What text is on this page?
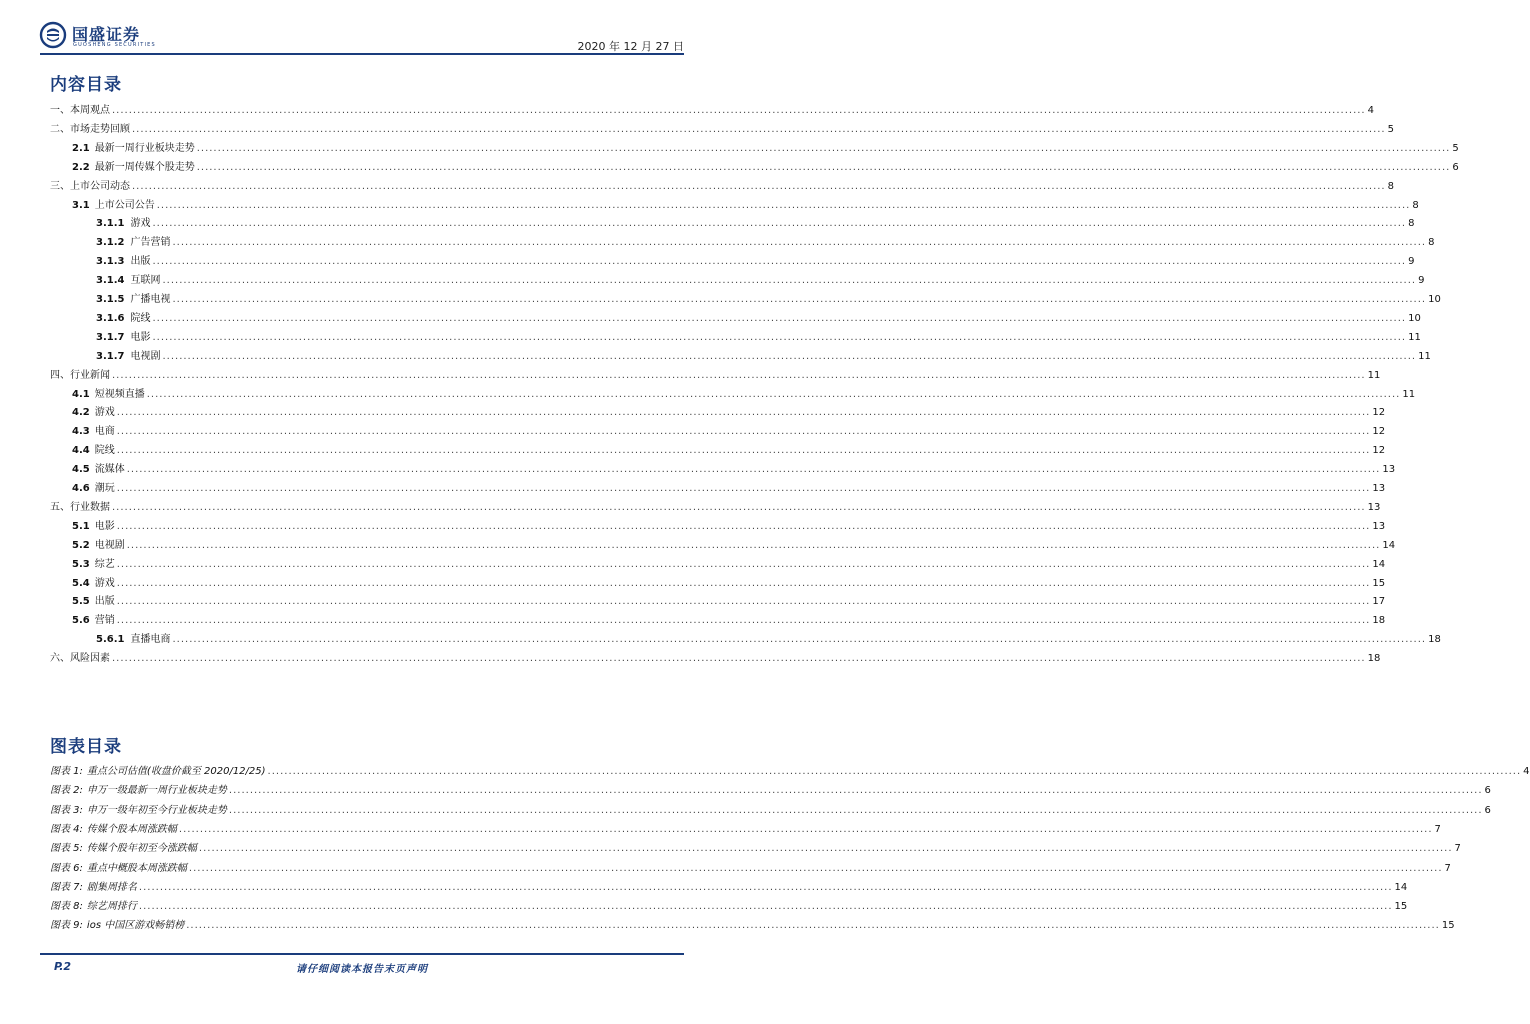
国盛证券
GUOSHENG SECURITIES	2020 年 12 月 27 日
内容目录
一、本周观点 ............................................................................................................................................................................................................................................................................................................ 4
二、市场走势回顾 ............................................................................................................................................................................................................................................................................................................ 5
2.1 最新一周行业板块走势 ............................................................................................................................................................................................................................................................................................................ 5
2.2 最新一周传媒个股走势 ............................................................................................................................................................................................................................................................................................................ 6
三、上市公司动态 ............................................................................................................................................................................................................................................................................................................ 8
3.1 上市公司公告 ............................................................................................................................................................................................................................................................................................................ 8
3.1.1 游戏 ............................................................................................................................................................................................................................................................................................................ 8
3.1.2 广告营销 ............................................................................................................................................................................................................................................................................................................ 8
3.1.3 出版 ............................................................................................................................................................................................................................................................................................................ 9
3.1.4 互联网 ............................................................................................................................................................................................................................................................................................................ 9
3.1.5 广播电视 ............................................................................................................................................................................................................................................................................................................ 10
3.1.6 院线 ............................................................................................................................................................................................................................................................................................................ 10
3.1.7 电影 ............................................................................................................................................................................................................................................................................................................ 11
3.1.7 电视剧 ............................................................................................................................................................................................................................................................................................................ 11
四、行业新闻 ............................................................................................................................................................................................................................................................................................................ 11
4.1 短视频直播 ............................................................................................................................................................................................................................................................................................................ 11
4.2 游戏 ............................................................................................................................................................................................................................................................................................................ 12
4.3 电商 ............................................................................................................................................................................................................................................................................................................ 12
4.4 院线 ............................................................................................................................................................................................................................................................................................................ 12
4.5 流媒体 ............................................................................................................................................................................................................................................................................................................ 13
4.6 潮玩 ............................................................................................................................................................................................................................................................................................................ 13
五、行业数据 ............................................................................................................................................................................................................................................................................................................ 13
5.1 电影 ............................................................................................................................................................................................................................................................................................................ 13
5.2 电视剧 ............................................................................................................................................................................................................................................................................................................ 14
5.3 综艺 ............................................................................................................................................................................................................................................................................................................ 14
5.4 游戏 ............................................................................................................................................................................................................................................................................................................ 15
5.5 出版 ............................................................................................................................................................................................................................................................................................................ 17
5.6 营销 ............................................................................................................................................................................................................................................................................................................ 18
5.6.1 直播电商 ............................................................................................................................................................................................................................................................................................................ 18
六、风险因素 ............................................................................................................................................................................................................................................................................................................ 18
图表目录
图表 1: 重点公司估值(收盘价截至 2020/12/25) ............................................................................................................................................................................................................................................................................................................ 4
图表 2: 申万一级最新一周行业板块走势 ............................................................................................................................................................................................................................................................................................................ 6
图表 3: 申万一级年初至今行业板块走势 ............................................................................................................................................................................................................................................................................................................ 6
图表 4: 传媒个股本周涨跌幅 ............................................................................................................................................................................................................................................................................................................ 7
图表 5: 传媒个股年初至今涨跌幅 ............................................................................................................................................................................................................................................................................................................ 7
图表 6: 重点中概股本周涨跌幅 ............................................................................................................................................................................................................................................................................................................ 7
图表 7: 剧集周排名 ............................................................................................................................................................................................................................................................................................................ 14
图表 8: 综艺周排行 ............................................................................................................................................................................................................................................................................................................ 15
图表 9: ios 中国区游戏畅销榜 ............................................................................................................................................................................................................................................................................................................ 15
P.2	请仔细阅读本报告末页声明
